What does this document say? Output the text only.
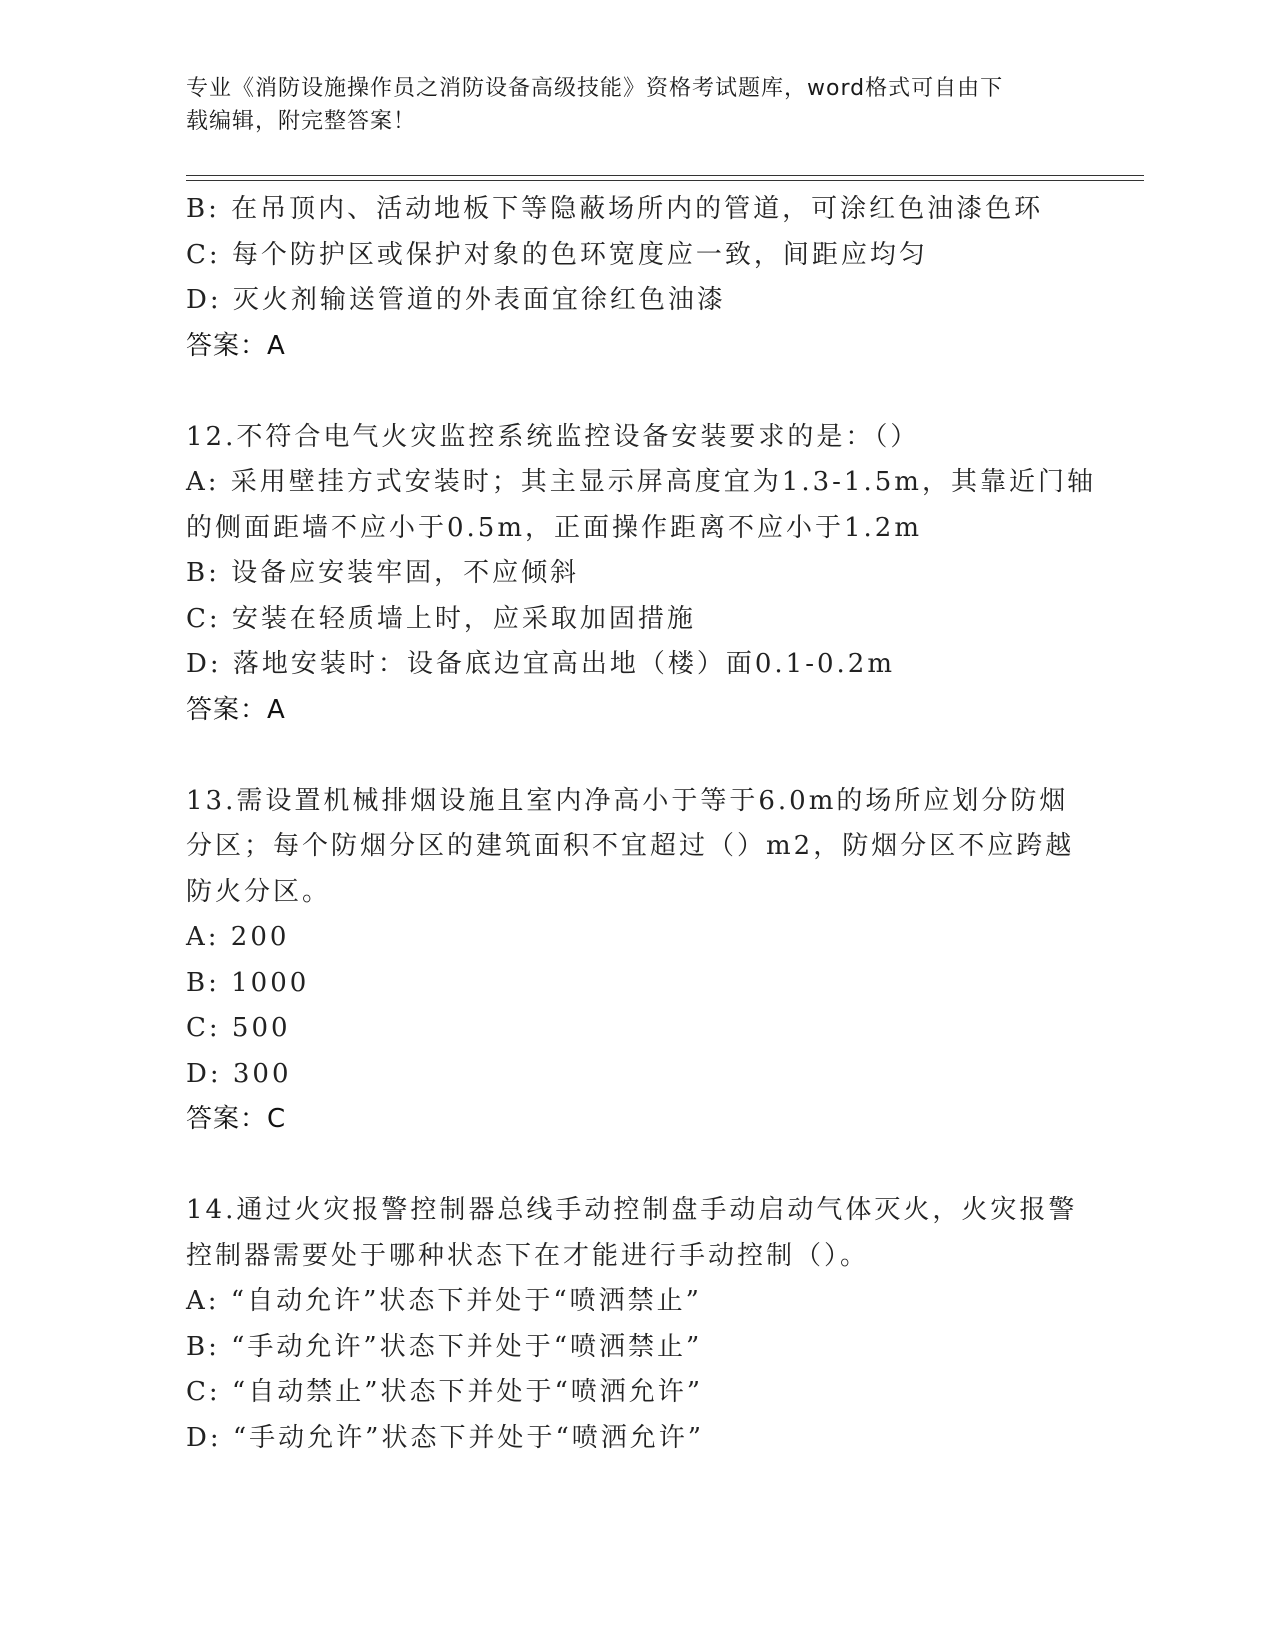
专业《消防设施操作员之消防设备高级技能》资格考试题库，word格式可自由下
载编辑，附完整答案！
B: 在吊顶内、活动地板下等隐蔽场所内的管道，可涂红色油漆色环
C: 每个防护区或保护对象的色环宽度应一致，间距应均匀
D: 灭火剂输送管道的外表面宜徐红色油漆
答案：A
12.不符合电气火灾监控系统监控设备安装要求的是：（）
A: 采用壁挂方式安装时；其主显示屏高度宜为1.3-1.5m，其靠近门轴
的侧面距墙不应小于0.5m，正面操作距离不应小于1.2m
B: 设备应安装牢固，不应倾斜
C: 安装在轻质墙上时，应采取加固措施
D: 落地安装时：设备底边宜高出地（楼）面0.1-0.2m
答案：A
13.需设置机械排烟设施且室内净高小于等于6.0m的场所应划分防烟
分区；每个防烟分区的建筑面积不宜超过（）m2，防烟分区不应跨越
防火分区。
A: 200
B: 1000
C: 500
D: 300
答案：C
14.通过火灾报警控制器总线手动控制盘手动启动气体灭火，火灾报警
控制器需要处于哪种状态下在才能进行手动控制（）。
A: “自动允许”状态下并处于“喷洒禁止”
B: “手动允许”状态下并处于“喷洒禁止”
C: “自动禁止”状态下并处于“喷洒允许”
D: “手动允许”状态下并处于“喷洒允许”
